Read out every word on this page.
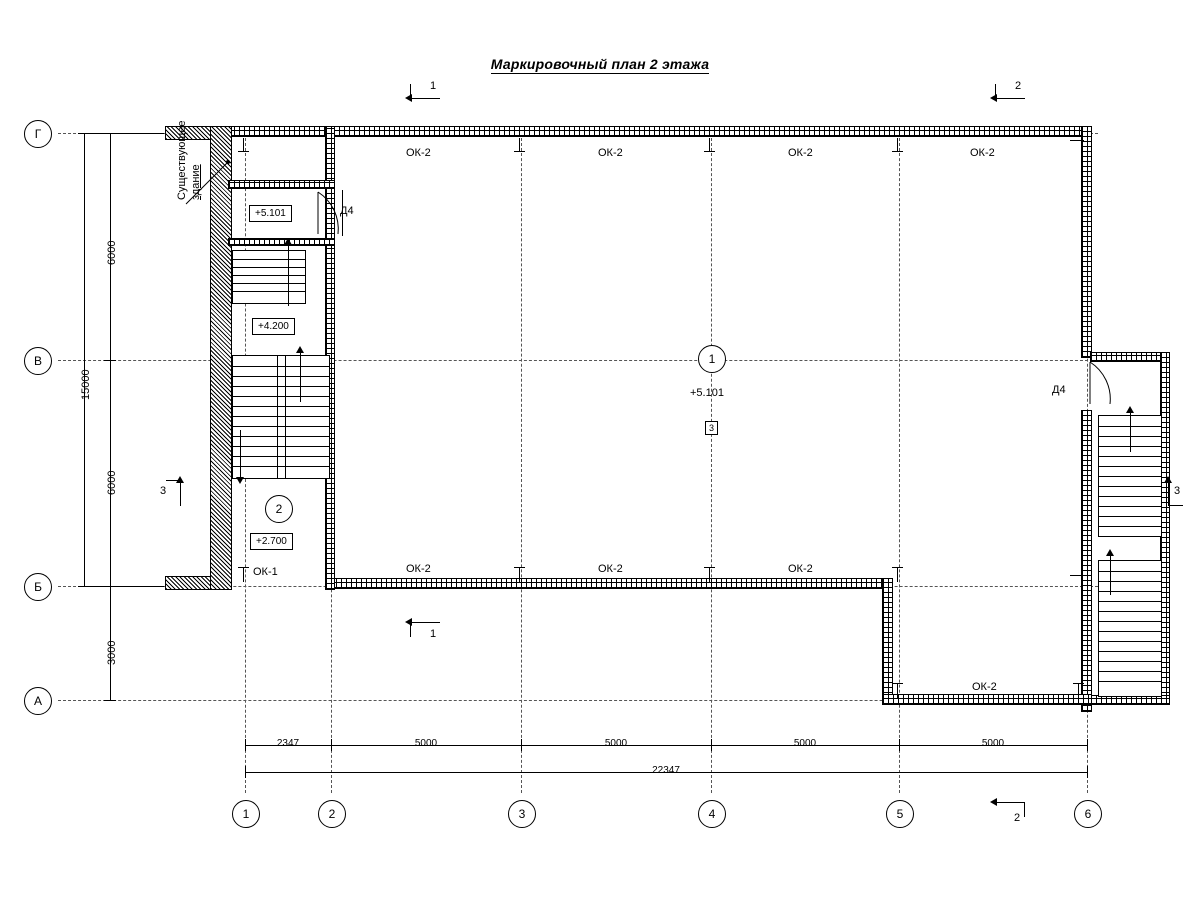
Маркировочный план 2 этажа
1	2
Г
В
Б
А
1	2	3	4	5	6
ОК-2	ОК-2	ОК-2	ОК-2
ОК-1	ОК-2	ОК-2	ОК-2
ОК-2
Д4
Д4
+5.101
+4.200
+2.700
+5.101
1
2
3
Существующее здание
3	3
1
2
6000
6000
3000
15000
2347	5000	5000	5000	5000
22347
